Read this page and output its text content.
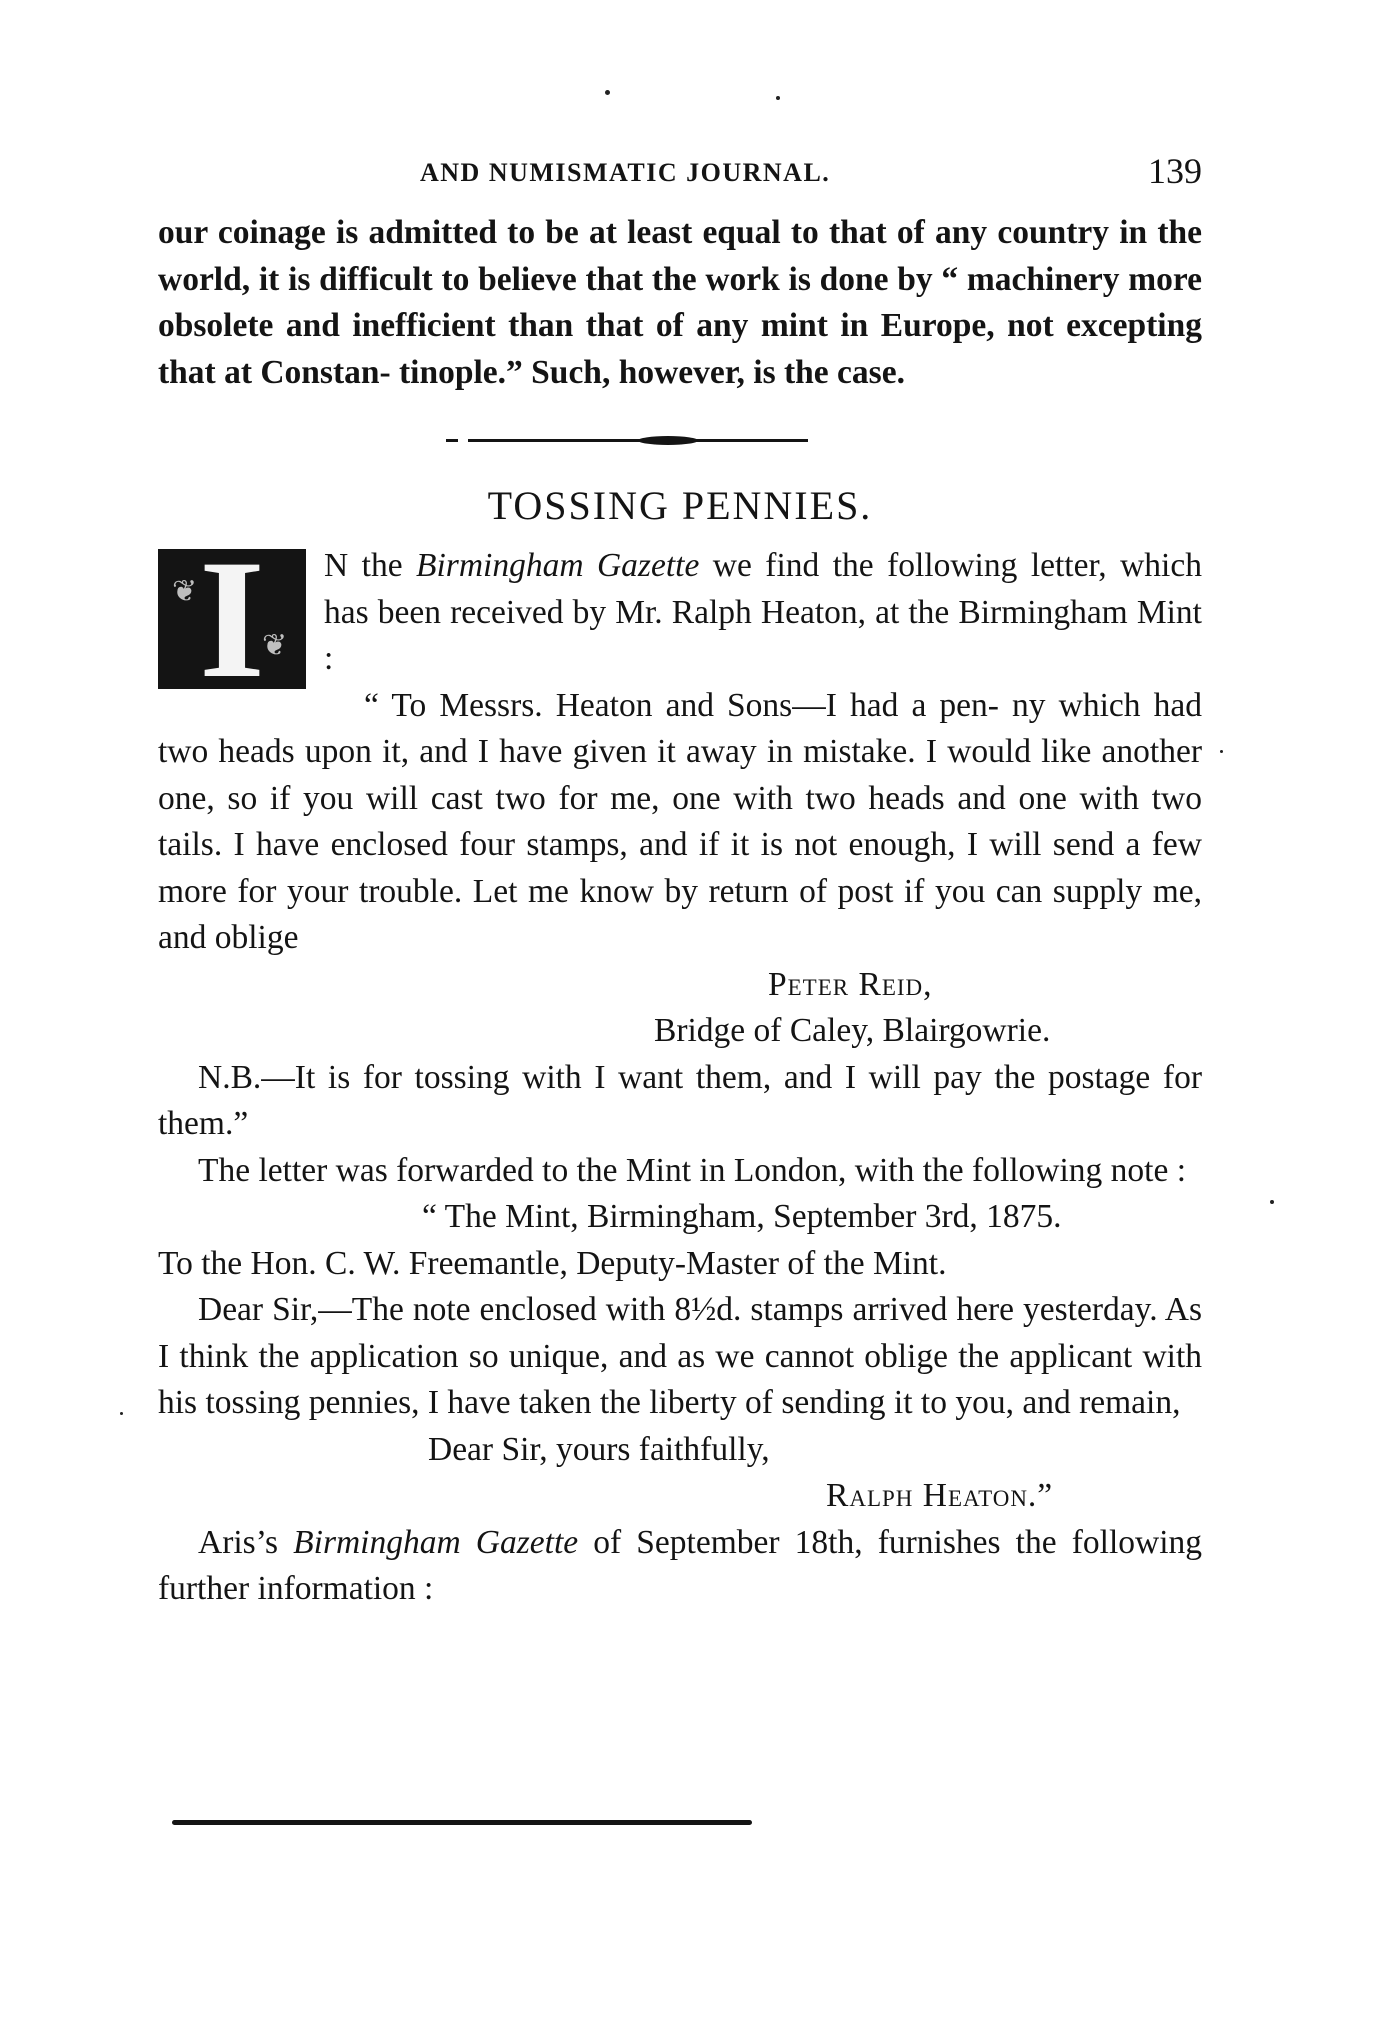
AND NUMISMATIC JOURNAL.	139

our coinage is admitted to be at least equal to that of any country in the world, it is difficult to believe that the work is done by “ machinery more obsolete and inefficient than that of any mint in Europe, not excepting that at Constan- tinople.” Such, however, is the case.

TOSSING PENNIES.
❦
❦
I	N the Birmingham Gazette we find the following letter, which has been received by Mr. Ralph Heaton, at the Birmingham Mint :

“ To Messrs. Heaton and Sons—I had a pen- ny which had two heads upon it, and I have given it away in mistake. I would like another one, so if you will cast two for me, one with two heads and one with two tails. I have enclosed four stamps, and if it is not enough, I will send a few more for your trouble. Let me know by return of post if you can supply me, and oblige

Peter Reid,

Bridge of Caley, Blairgowrie.

N.B.—It is for tossing with I want them, and I will pay the postage for them.”

The letter was forwarded to the Mint in London, with the following note :

“ The Mint, Birmingham, September 3rd, 1875.

To the Hon. C. W. Freemantle, Deputy-Master of the Mint.

Dear Sir,—The note enclosed with 8½d. stamps arrived here yesterday. As I think the application so unique, and as we cannot oblige the applicant with his tossing pennies, I have taken the liberty of sending it to you, and remain,

Dear Sir, yours faithfully,

Ralph Heaton.”

Aris’s Birmingham Gazette of September 18th, furnishes the following further information :
